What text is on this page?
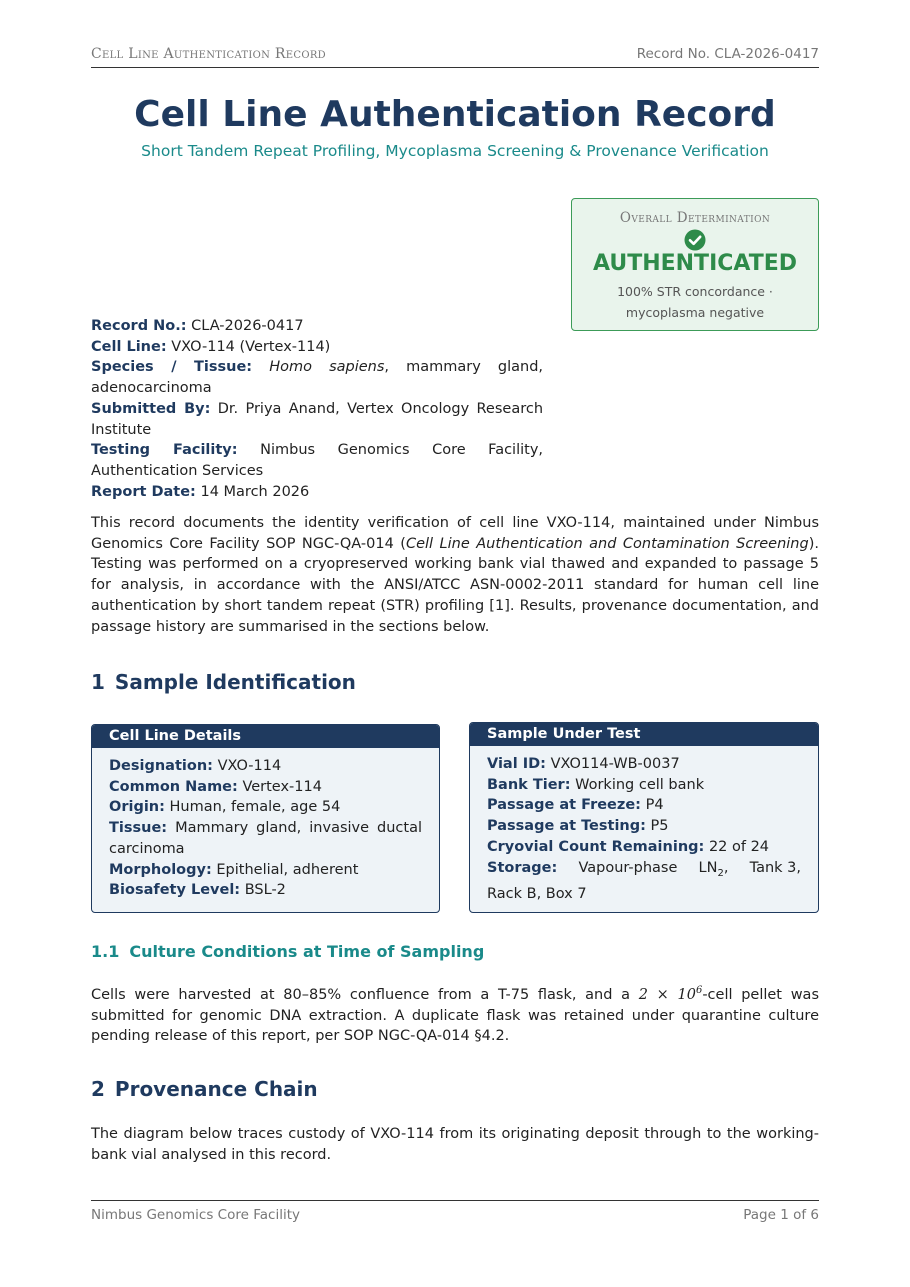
Cell Line Authentication Record	Record No. CLA-2026-0417
Cell Line Authentication Record
Short Tandem Repeat Profiling, Mycoplasma Screening & Provenance Verification
Overall Determination
AUTHENTICATED
100% STR concordance · mycoplasma negative

Record No.: CLA-2026-0417

Cell Line: VXO-114 (Vertex-114)

Species / Tissue: Homo sapiens, mammary gland, adenocarcinoma

Submitted By: Dr. Priya Anand, Vertex Oncology Research Institute

Testing Facility: Nimbus Genomics Core Facility, Authentication Services

Report Date: 14 March 2026

This record documents the identity verification of cell line VXO-114, maintained under Nimbus Genomics Core Facility SOP NGC-QA-014 (Cell Line Authentication and Contamination Screening). Testing was performed on a cryopreserved working bank vial thawed and expanded to passage 5 for analysis, in accordance with the ANSI/ATCC ASN-0002-2011 standard for human cell line authentication by short tandem repeat (STR) profiling [1]. Results, provenance documentation, and passage history are summarised in the sections below.

1 Sample Identification
Cell Line Details

Designation: VXO-114

Common Name: Vertex-114

Origin: Human, female, age 54

Tissue: Mammary gland, invasive ductal carcinoma

Morphology: Epithelial, adherent

Biosafety Level: BSL-2

Sample Under Test

Vial ID: VXO114-WB-0037

Bank Tier: Working cell bank

Passage at Freeze: P4

Passage at Testing: P5

Cryovial Count Remaining: 22 of 24

Storage: Vapour-phase $LN_2$, Tank 3,

Rack B, Box 7

1.1 Culture Conditions at Time of Sampling

Cells were harvested at 80–85% confluence from a T-75 flask, and a $2 \times 10^6$-cell pellet was submitted for genomic DNA extraction. A duplicate flask was retained under quarantine culture pending release of this report, per SOP NGC-QA-014 §4.2.

2 Provenance Chain

The diagram below traces custody of VXO-114 from its originating deposit through to the working-bank vial analysed in this record.

Nimbus Genomics Core Facility	Page 1 of 6
